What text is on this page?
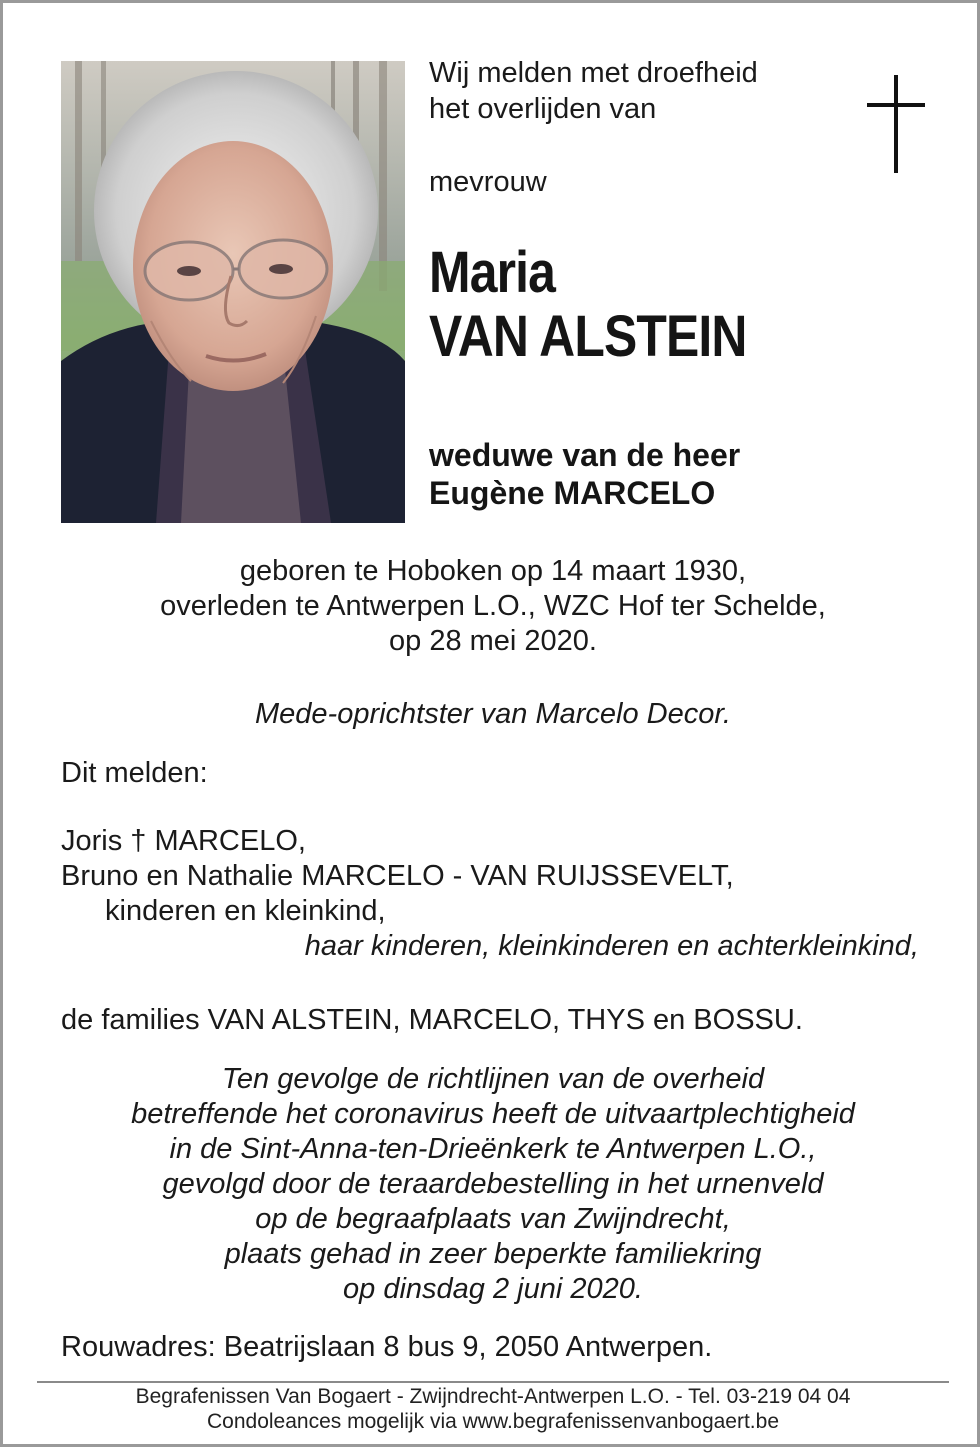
Wij melden met droefheid
het overlijden van
mevrouw
Maria
VAN ALSTEIN
weduwe van de heer
Eugène MARCELO
geboren te Hoboken op 14 maart 1930,
overleden te Antwerpen L.O., WZC Hof ter Schelde,
op 28 mei 2020.
Mede-oprichtster van Marcelo Decor.
Dit melden:
Joris † MARCELO,
Bruno en Nathalie MARCELO - VAN RUIJSSEVELT,
kinderen en kleinkind,
haar kinderen, kleinkinderen en achterkleinkind,
de families VAN ALSTEIN, MARCELO, THYS en BOSSU.
Ten gevolge de richtlijnen van de overheid
betreffende het coronavirus heeft de uitvaartplechtigheid
in de Sint-Anna-ten-Drieënkerk te Antwerpen L.O.,
gevolgd door de teraardebestelling in het urnenveld
op de begraafplaats van Zwijndrecht,
plaats gehad in zeer beperkte familiekring
op dinsdag 2 juni 2020.
Rouwadres: Beatrijslaan 8 bus 9, 2050 Antwerpen.
Begrafenissen Van Bogaert - Zwijndrecht-Antwerpen L.O. - Tel. 03-219 04 04
Condoleances mogelijk via www.begrafenissenvanbogaert.be
